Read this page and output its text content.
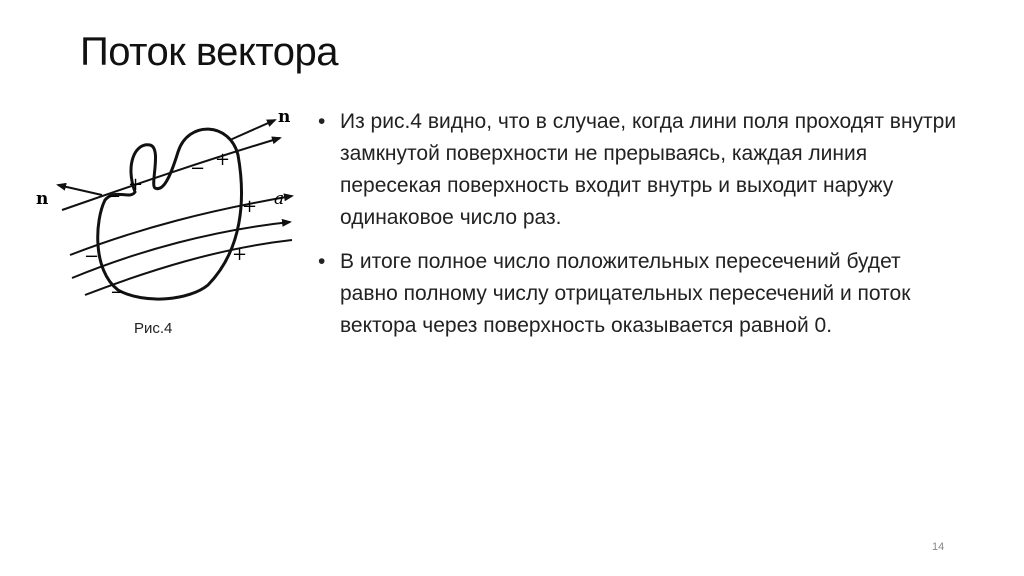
Поток вектора
n
n	a
+
−
+
−	+
−	+
−
Рис.4
• Из рис.4 видно, что в случае, когда лини поля проходят внутри замкнутой поверхности не прерываясь, каждая линия пересекая поверхность входит внутрь и выходит наружу одинаковое число раз.
• В итоге полное число положительных пересечений будет равно полному числу отрицательных пересечений и поток вектора через поверхность оказывается равной 0.
14
